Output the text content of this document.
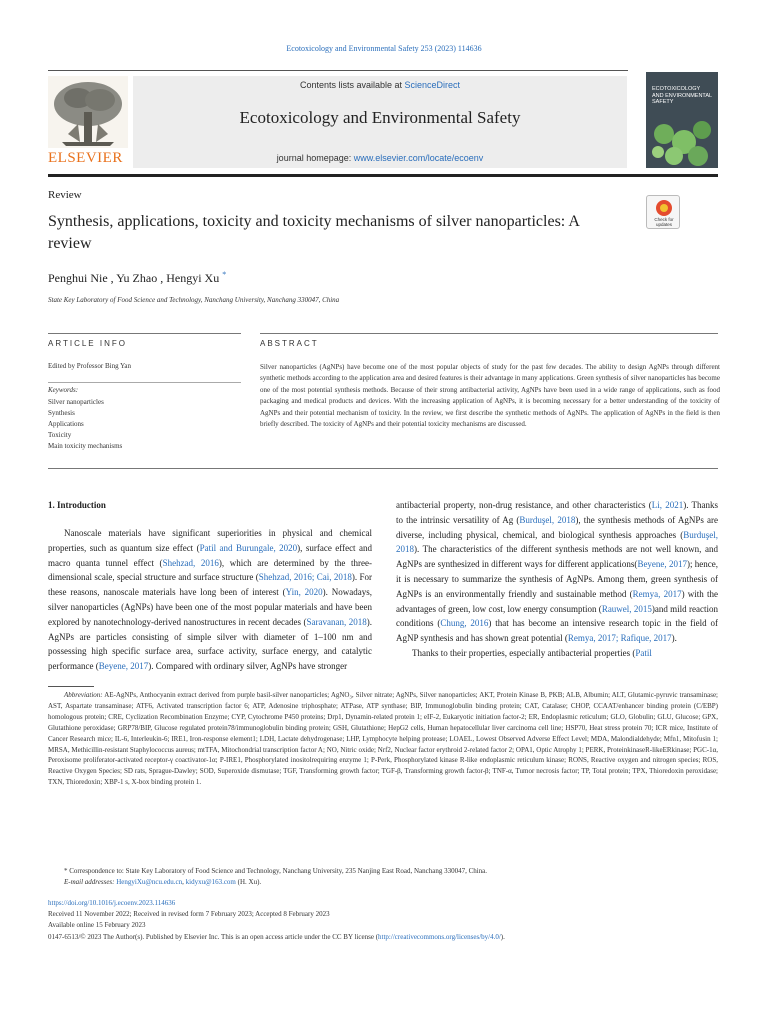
Ecotoxicology and Environmental Safety 253 (2023) 114636
ELSEVIER
Contents lists available at ScienceDirect
Ecotoxicology and Environmental Safety
journal homepage: www.elsevier.com/locate/ecoenv
ECOTOXICOLOGY AND ENVIRONMENTAL SAFETY
Review
Synthesis, applications, toxicity and toxicity mechanisms of silver nanoparticles: A review
Check for updates
Penghui Nie , Yu Zhao , Hengyi Xu *
State Key Laboratory of Food Science and Technology, Nanchang University, Nanchang 330047, China
ARTICLE INFO	ABSTRACT
Edited by Professor Bing Yan
Keywords:
Silver nanoparticles
Synthesis
Applications
Toxicity
Main toxicity mechanisms
Silver nanoparticles (AgNPs) have become one of the most popular objects of study for the past few decades. The ability to design AgNPs through different synthetic methods according to the application area and desired features is their advantage in many applications. Green synthesis of silver nanoparticles has become one of the most potential synthesis methods. Because of their strong antibacterial activity, AgNPs have been used in a wide range of applications, such as food packaging and medical products and devices. With the increasing application of AgNPs, it is becoming necessary for a better understanding of the toxicity of AgNPs and their potential mechanism of toxicity. In the review, we first describe the synthetic methods of AgNPs. The application of AgNPs in the field is then briefly described. The toxicity of AgNPs and their potential toxicity mechanisms are discussed.
1. Introduction
Nanoscale materials have significant superiorities in physical and chemical properties, such as quantum size effect (Patil and Burungale, 2020), surface effect and macro quanta tunnel effect (Shehzad, 2016), which are determined by the three-dimensional scale, special structure and surface structure (Shehzad, 2016; Cai, 2018). For these reasons, nanoscale materials have long been of interest (Yin, 2020). Nowadays, silver nanoparticles (AgNPs) have been one of the most popular materials and have been explored by nanotechnology-derived nanostructures in recent decades (Saravanan, 2018). AgNPs are particles consisting of simple silver with diameter of 1–100 nm and possessing high specific surface area, surface activity, surface energy, and catalytic performance (Beyene, 2017). Compared with ordinary silver, AgNPs have stronger
antibacterial property, non-drug resistance, and other characteristics (Li, 2021). Thanks to the intrinsic versatility of Ag (Burduşel, 2018), the synthesis methods of AgNPs are diverse, including physical, chemical, and biological synthesis approaches (Burduşel, 2018). The characteristics of the different synthesis methods are not well known, and AgNPs are synthesized in different ways for different applications(Beyene, 2017); hence, it is necessary to summarize the synthesis of AgNPs. Among them, green synthesis of AgNPs is an environmentally friendly and sustainable method (Remya, 2017) with the advantages of green, low cost, low energy consumption (Rauwel, 2015)and mild reaction conditions (Chung, 2016) that has become an intensive research topic in the field of AgNP synthesis and has shown great potential (Remya, 2017; Rafique, 2017).
Thanks to their properties, especially antibacterial properties (Patil
Abbreviation: AE-AgNPs, Anthocyanin extract derived from purple basil-silver nanoparticles; AgNO₃, Silver nitrate; AgNPs, Silver nanoparticles; AKT, Protein Kinase B, PKB; ALB, Albumin; ALT, Glutamic-pyruvic transaminase; AST, Aspartate transaminase; ATF6, Activated transcription factor 6; ATP, Adenosine triphosphate; ATPase, ATP synthase; BIP, Immunoglobulin binding protein; CAT, Catalase; CHOP, CCAAT/enhancer binding protein (C/EBP) homologous protein; CRE, Cyclization Recombination Enzyme; CYP, Cytochrome P450 proteins; Drp1, Dynamin-related protein 1; eIF-2, Eukaryotic initiation factor-2; ER, Endoplasmic reticulum; GLO, Globulin; GLU, Glucose; GPX, Glutathione peroxidase; GRP78/BIP, Glucose regulated protein78/immunoglobulin binding protein; GSH, Glutathione; HepG2 cells, Human hepatocellular liver carcinoma cell line; HSP70, Heat stress protein 70; ICR mice, Institute of Cancer Research mice; IL-6, Interleukin-6; IRE1, Iron-response element1; LDH, Lactate dehydrogenase; LHP, Lymphocyte helping protease; LOAEL, Lowest Observed Adverse Effect Level; MDA, Malondialdehyde; Mfn1, Mitofusin 1; MRSA, Methicillin-resistant Staphylococcus aureus; mtTFA, Mitochondrial transcription factor A; NO, Nitric oxide; Nrf2, Nuclear factor erythroid 2-related factor 2; OPA1, Optic Atrophy 1; PERK, ProteinkinaseR-likeERkinase; PGC-1α, Peroxisome proliferator-activated receptor-γ coactivator-1α; P-IRE1, Phosphorylated inositolrequiring enzyme 1; P-Perk, Phosphorylated kinase R-like endoplasmic reticulum kinase; RONS, Reactive oxygen and nitrogen species; ROS, Reactive Oxygen Species; SD rats, Sprague-Dawley; SOD, Superoxide dismutase; TGF, Transforming growth factor; TGF-β, Transforming growth factor-β; TNF-α, Tumor necrosis factor; TP, Total protein; TPX, Thioredoxin peroxidase; TXN, Thioredoxin; XBP-1 s, X-box binding protein 1.
* Correspondence to: State Key Laboratory of Food Science and Technology, Nanchang University, 235 Nanjing East Road, Nanchang 330047, China.
E-mail addresses: HengyiXu@ncu.edu.cn, kidyxu@163.com (H. Xu).
https://doi.org/10.1016/j.ecoenv.2023.114636
Received 11 November 2022; Received in revised form 7 February 2023; Accepted 8 February 2023
Available online 15 February 2023
0147-6513/© 2023 The Author(s). Published by Elsevier Inc. This is an open access article under the CC BY license (http://creativecommons.org/licenses/by/4.0/).
